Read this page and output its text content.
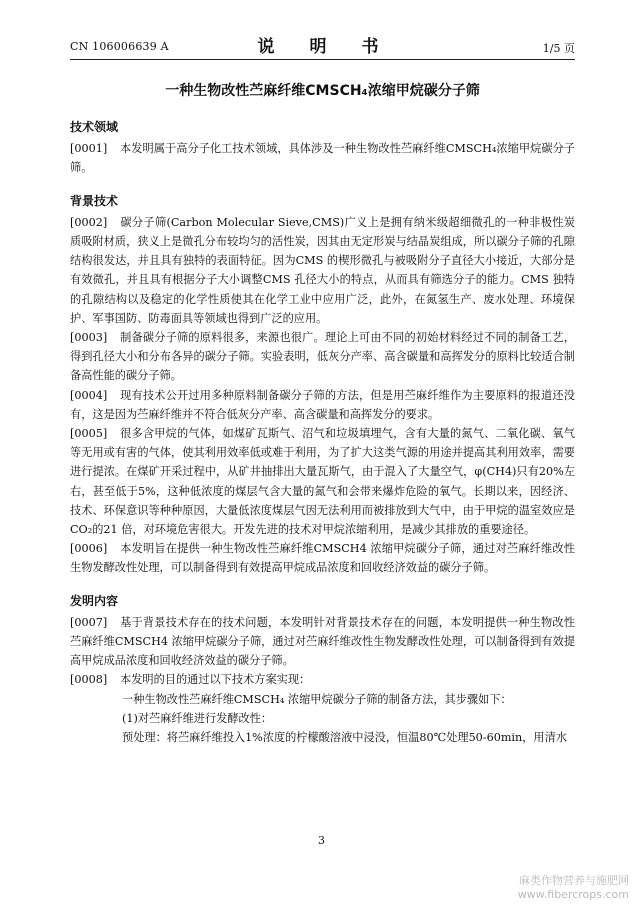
CN 106006639 A	说　明　书	1/5 页
一种生物改性苎麻纤维CMSCH₄浓缩甲烷碳分子筛
技术领域

[0001] 本发明属于高分子化工技术领域，具体涉及一种生物改性苎麻纤维CMSCH₄浓缩甲烷碳分子筛。

背景技术

[0002] 碳分子筛(Carbon Molecular Sieve,CMS)广义上是拥有纳米级超细微孔的一种非极性炭质吸附材质，狭义上是微孔分布较均匀的活性炭，因其由无定形炭与结晶炭组成，所以碳分子筛的孔隙结构很发达，并且具有独特的表面特征。因为CMS 的楔形微孔与被吸附分子直径大小接近，大部分是有效微孔，并且具有根据分子大小调整CMS 孔径大小的特点，从而具有筛选分子的能力。CMS 独特的孔隙结构以及稳定的化学性质使其在化学工业中应用广泛，此外，在氮氢生产、废水处理、环境保护、军事国防、防毒面具等领域也得到广泛的应用。

[0003] 制备碳分子筛的原料很多，来源也很广。理论上可由不同的初始材料经过不同的制备工艺，得到孔径大小和分布各异的碳分子筛。实验表明，低灰分产率、高含碳量和高挥发分的原料比较适合制备高性能的碳分子筛。

[0004] 现有技术公开过用多种原料制备碳分子筛的方法，但是用苎麻纤维作为主要原料的报道还没有，这是因为苎麻纤维并不符合低灰分产率、高含碳量和高挥发分的要求。

[0005] 很多含甲烷的气体，如煤矿瓦斯气、沼气和垃圾填埋气，含有大量的氮气、二氧化碳、氧气等无用或有害的气体，使其利用效率低或难于利用，为了扩大这类气源的用途并提高其利用效率，需要进行提浓。在煤矿开采过程中，从矿井抽排出大量瓦斯气，由于混入了大量空气，φ(CH4)只有20%左右，甚至低于5%，这种低浓度的煤层气含大量的氮气和会带来爆炸危险的氧气。长期以来，因经济、技术、环保意识等种种原因，大量低浓度煤层气因无法利用而被排放到大气中，由于甲烷的温室效应是CO₂的21 倍，对环境危害很大。开发先进的技术对甲烷浓缩利用，是减少其排放的重要途径。

[0006] 本发明旨在提供一种生物改性苎麻纤维CMSCH4 浓缩甲烷碳分子筛，通过对苎麻纤维改性生物发酵改性处理，可以制备得到有效提高甲烷成品浓度和回收经济效益的碳分子筛。

发明内容

[0007] 基于背景技术存在的技术问题，本发明针对背景技术存在的问题，本发明提供一种生物改性苎麻纤维CMSCH4 浓缩甲烷碳分子筛，通过对苎麻纤维改性生物发酵改性处理，可以制备得到有效提高甲烷成品浓度和回收经济效益的碳分子筛。

[0008] 本发明的目的通过以下技术方案实现：

一种生物改性苎麻纤维CMSCH₄ 浓缩甲烷碳分子筛的制备方法，其步骤如下：

(1)对苎麻纤维进行发酵改性：

预处理：将苎麻纤维投入1%浓度的柠檬酸溶液中浸没，恒温80℃处理50-60min，用清水

3
麻类作物营养与施肥网
www.fibercrops.com
